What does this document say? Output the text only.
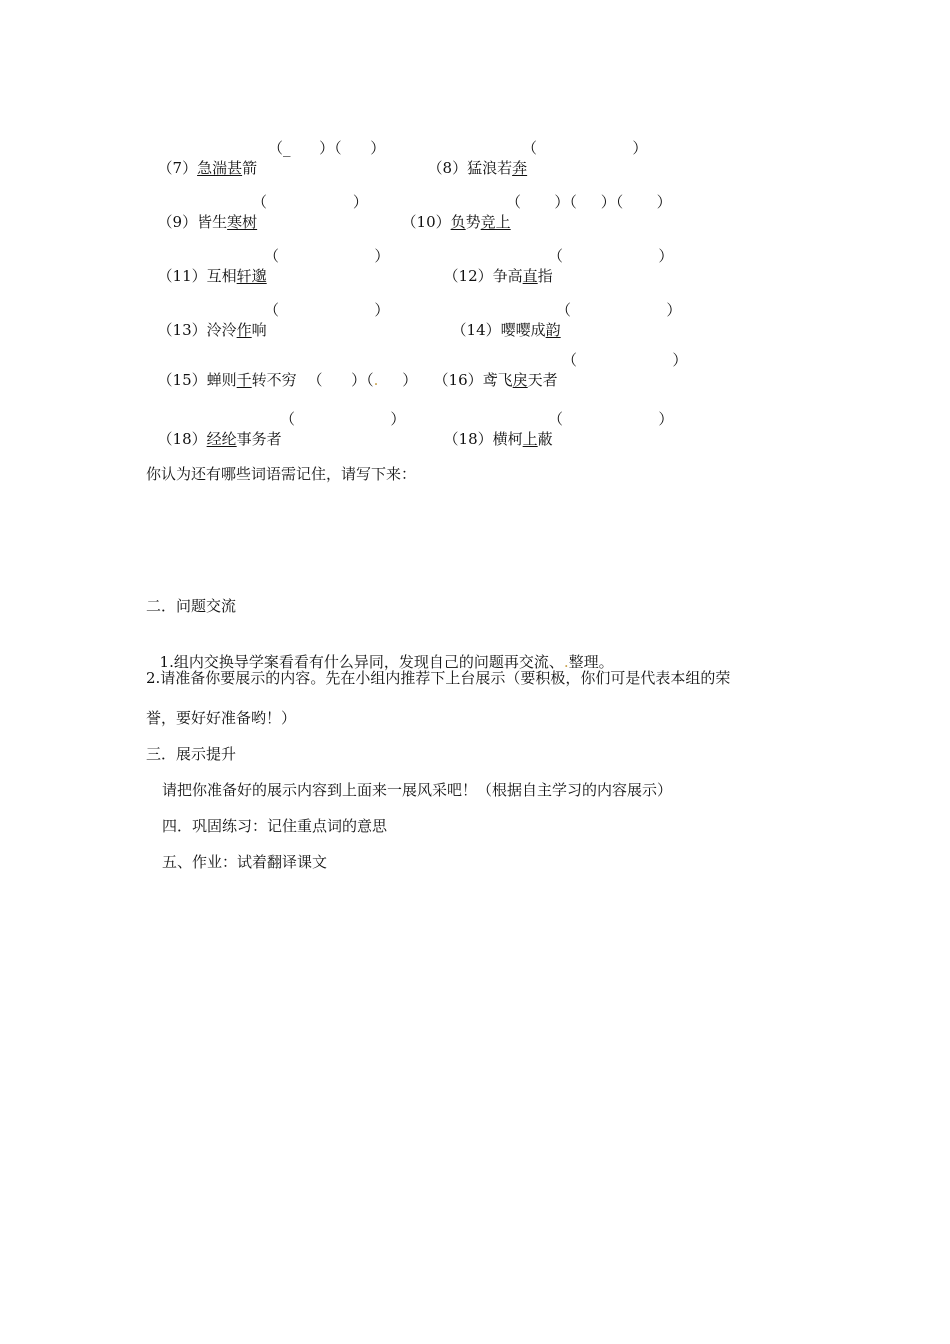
（7）急湍甚箭

（_      ）（      ）

（8）猛浪若奔

（                    ）

（9）皆生寒树

（                  ）

（10）负势竞上

（       ）（     ）（       ）

（11）互相轩邈

（                    ）

（12）争高直指

（                    ）

（13）泠泠作响

（                    ）

（14）嘤嘤成韵

（                    ）

（15）蝉则千转不穷 （      ）（.     ）	（16）鸢飞戾天者

（                    ）

（18）经纶事务者

（                    ）

（18）横柯上蔽

（                    ）
你认为还有哪些词语需记住，请写下来：
二．问题交流

1.组内交换导学案看看有什么异同，发现自己的问题再交流、.整理。

2.请准备你要展示的内容。先在小组内推荐下上台展示（要积极，你们可是代表本组的荣
誉，要好好准备哟！）
三．展示提升
请把你准备好的展示内容到上面来一展风采吧！（根据自主学习的内容展示）
四．巩固练习：记住重点词的意思
五、作业：试着翻译课文
